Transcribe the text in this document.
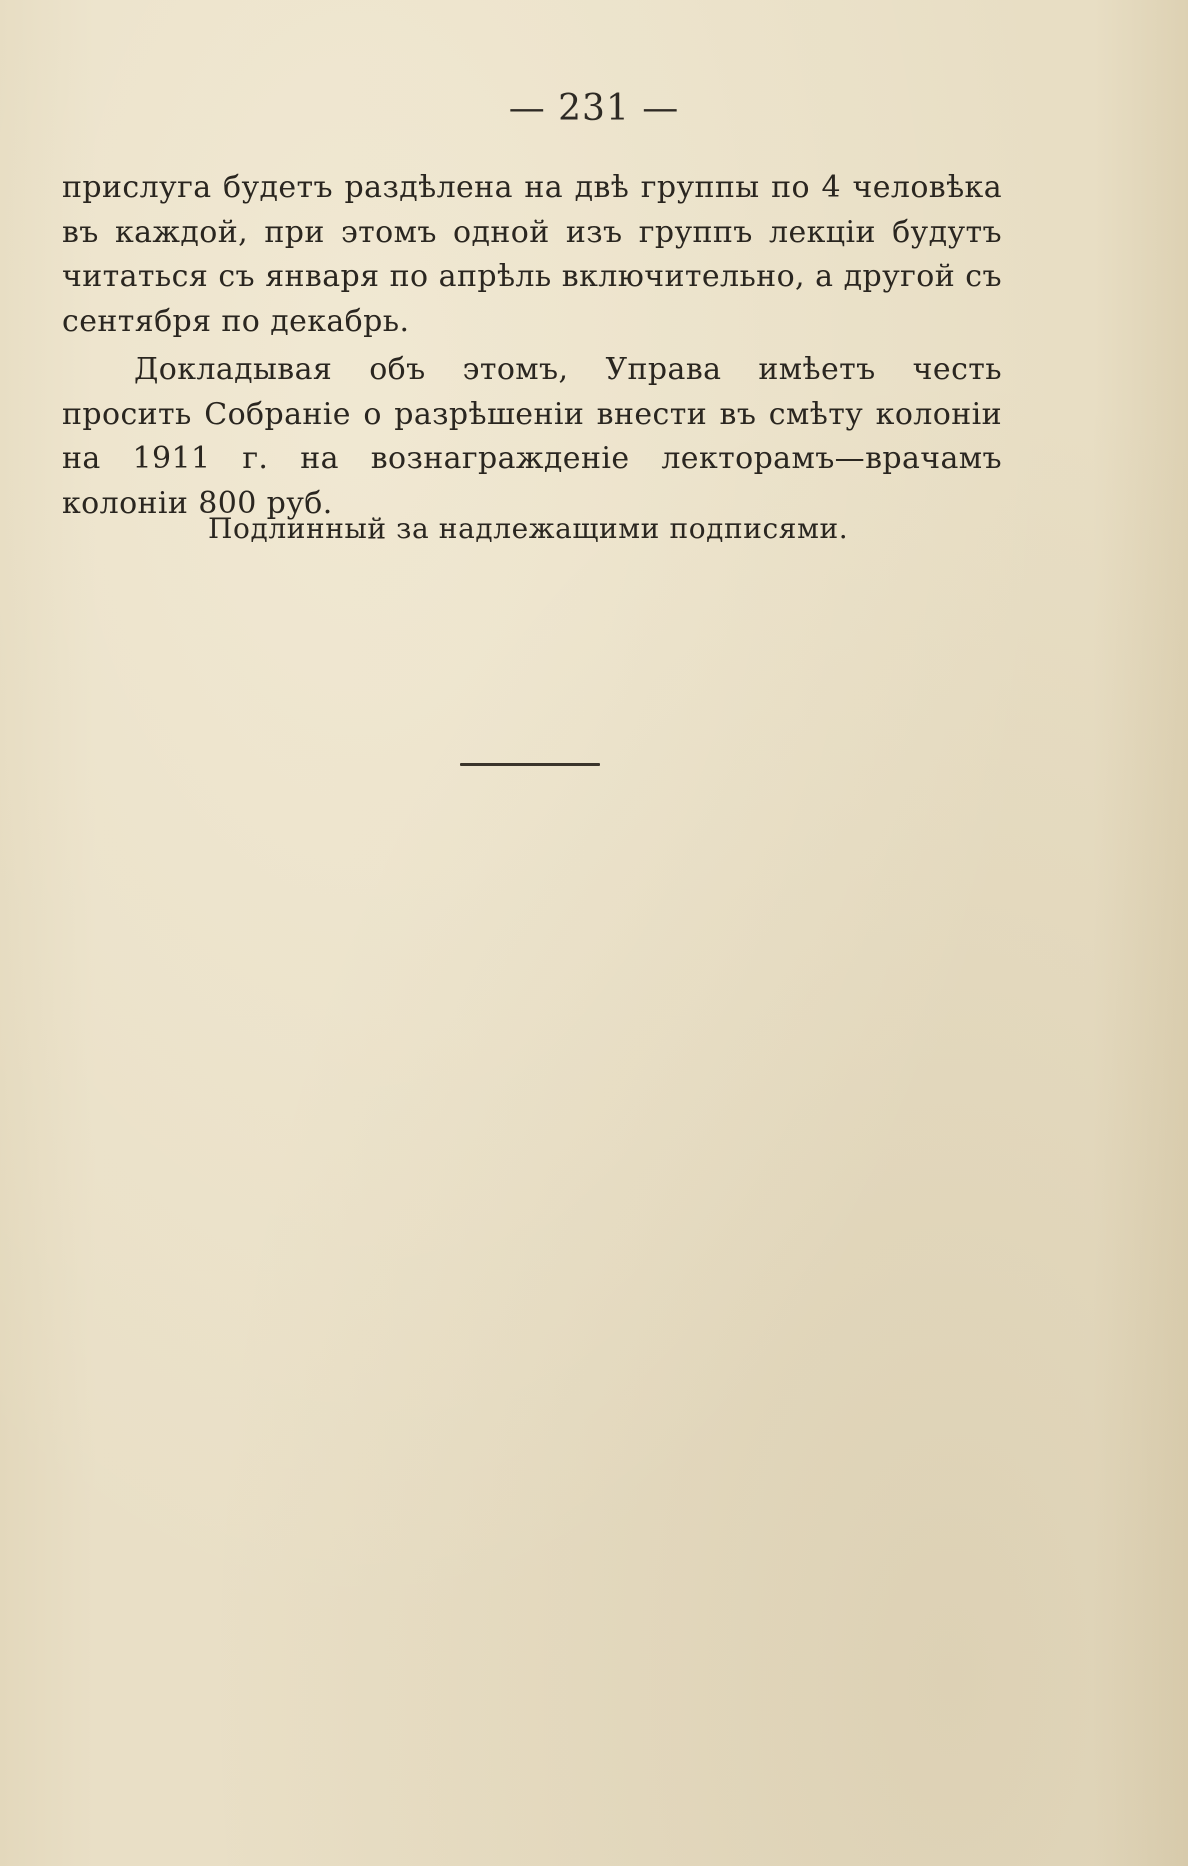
— 231 —

прислуга будетъ раздѣлена на двѣ группы по 4 человѣка въ каждой, при этомъ одной изъ группъ лекціи будутъ читаться съ января по апрѣль включительно, а другой съ сентября по декабрь.

Докладывая объ этомъ, Управа имѣетъ честь просить Собраніе о разрѣшеніи внести въ смѣту колоніи на 1911 г. на вознагражденіе лекторамъ—врачамъ колоніи 800 руб.

Подлинный за надлежащими подписями.
